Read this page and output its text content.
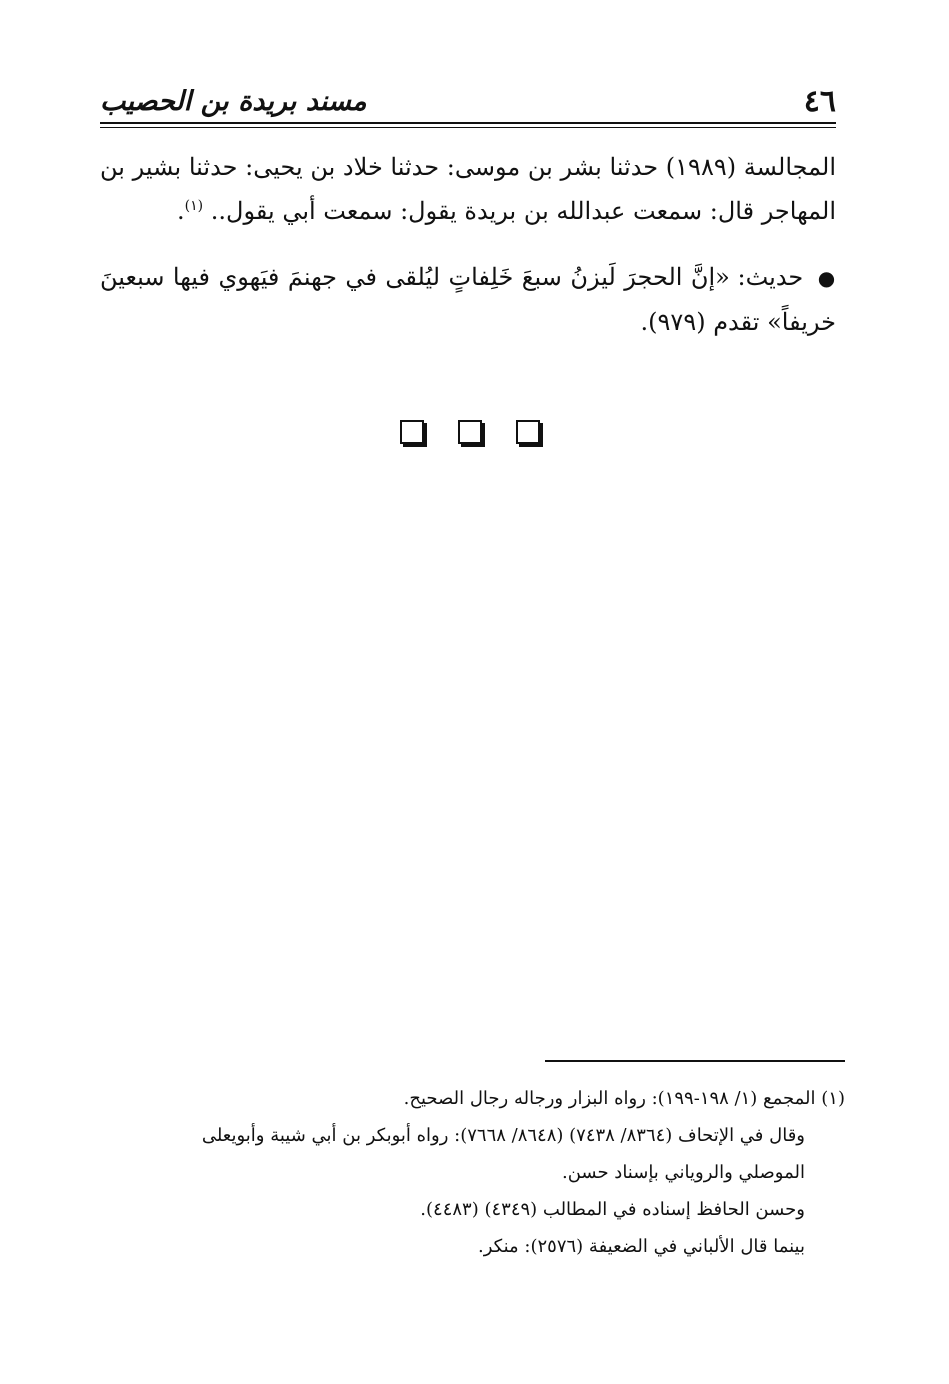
٤٦
مسند بريدة بن الحصيب
المجالسة (١٩٨٩) حدثنا بشر بن موسى: حدثنا خلاد بن يحيى: حدثنا بشير بن المهاجر قال: سمعت عبدالله بن بريدة يقول: سمعت أبي يقول.. $^{(١)}$.
● حديث: «إنَّ الحجرَ لَيزنُ سبعَ خَلِفاتٍ ليُلقى في جهنمَ فيَهوي فيها سبعينَ خريفاً» تقدم (٩٧٩).
(١) المجمع (١/ ١٩٨-١٩٩): رواه البزار ورجاله رجال الصحيح.
وقال في الإتحاف (٨٣٦٤/ ٧٤٣٨) (٨٦٤٨/ ٧٦٦٨): رواه أبوبكر بن أبي شيبة وأبويعلى
الموصلي والروياني بإسناد حسن.
وحسن الحافظ إسناده في المطالب (٤٣٤٩) (٤٤٨٣).
بينما قال الألباني في الضعيفة (٢٥٧٦): منكر.
